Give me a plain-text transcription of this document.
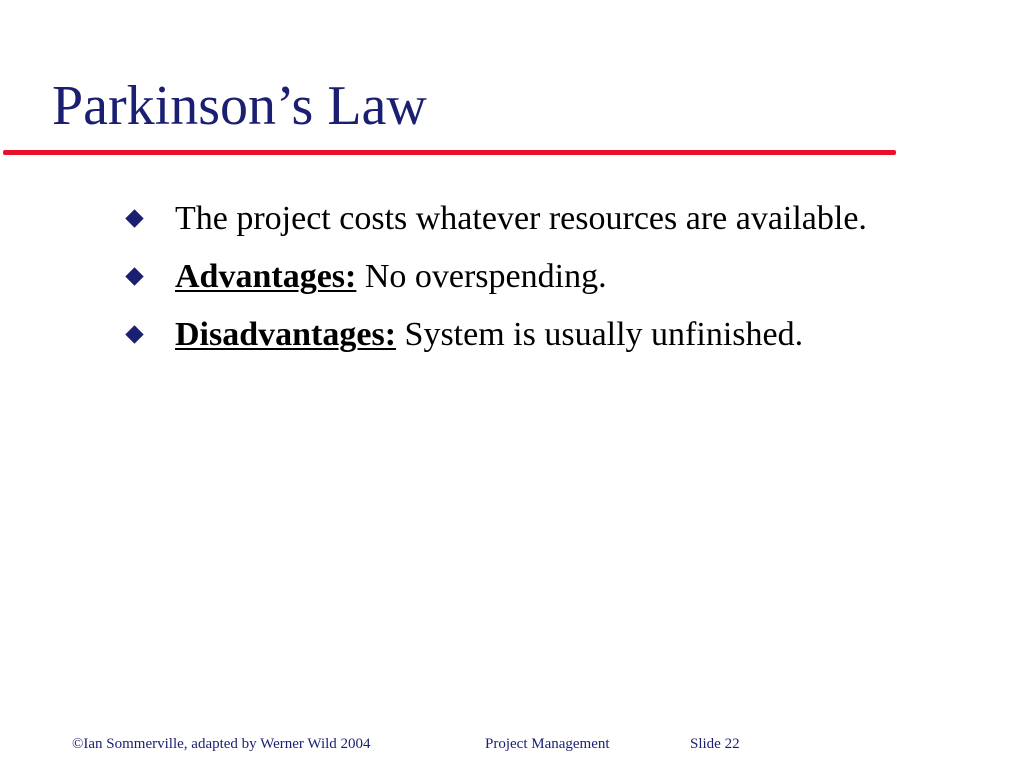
Parkinson’s Law
The project costs whatever resources are available.
Advantages: No overspending.
Disadvantages: System is usually unfinished.
©Ian Sommerville, adapted by Werner Wild 2004	Project Management	Slide 22
